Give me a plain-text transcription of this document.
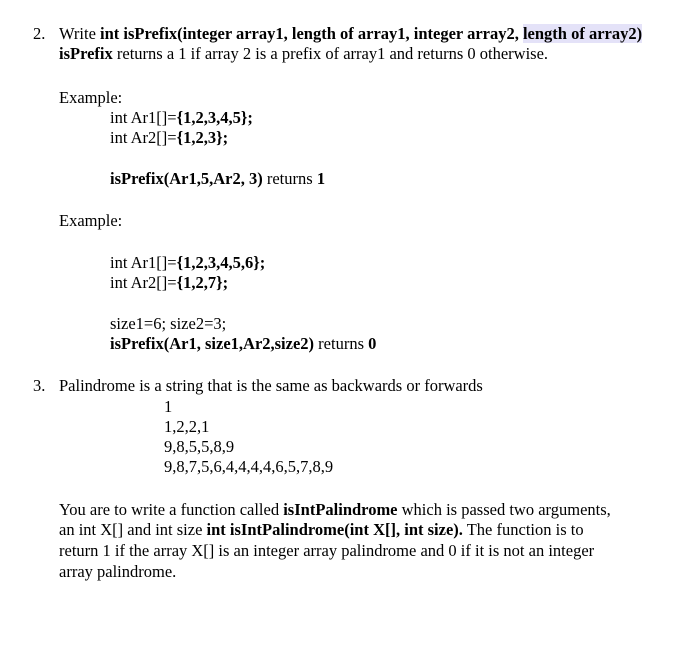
2. Write int isPrefix(integer array1, length of array1, integer array2, length of array2)
isPrefix returns a 1 if array 2 is a prefix of array1 and returns 0 otherwise.
Example:
int Ar1[]={1,2,3,4,5};
int Ar2[]={1,2,3};
isPrefix(Ar1,5,Ar2, 3) returns 1
Example:
int Ar1[]={1,2,3,4,5,6};
int Ar2[]={1,2,7};
size1=6; size2=3;
isPrefix(Ar1, size1,Ar2,size2) returns 0
3. Palindrome is a string that is the same as backwards or forwards
1
1,2,2,1
9,8,5,5,8,9
9,8,7,5,6,4,4,4,4,6,5,7,8,9
You are to write a function called isIntPalindrome which is passed two arguments,
an int X[] and int size int isIntPalindrome(int X[], int size). The function is to
return 1 if the array X[] is an integer array palindrome and 0 if it is not an integer
array palindrome.
